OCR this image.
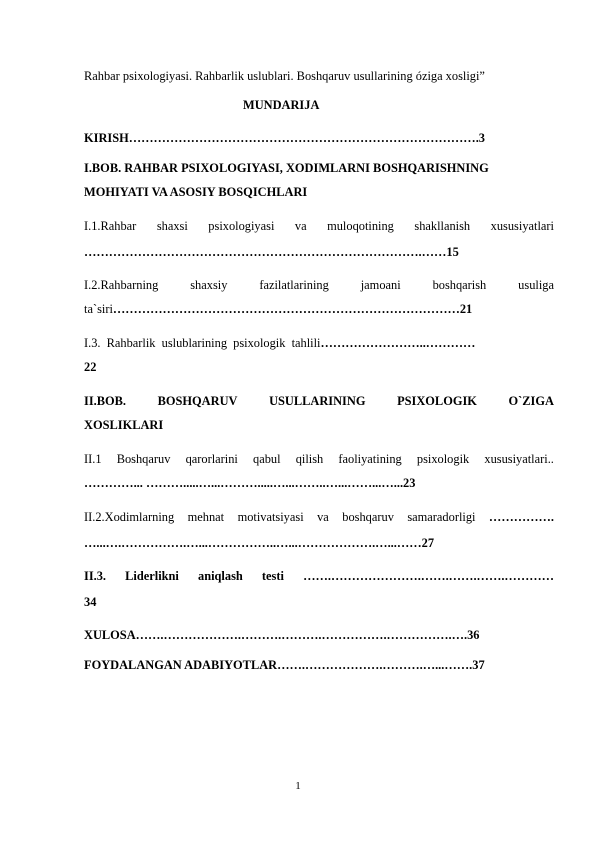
Rahbar psixologiyasi. Rahbarlik uslublari. Boshqaruv usullarining óziga xosligi”
MUNDARIJA
KIRISH………………………………………………………………………….3
I.BOB. RAHBAR PSIXOLOGIYASI, XODIMLARNI BOSHQARISHNING
MOHIYATI VA ASOSIY BOSQICHLARI
I.1.Rahbar shaxsi psixologiyasi va muloqotining shakllanish xususiyatlari
……………………………………………………………………….……15
I.2.Rahbarning	shaxsiy	fazilatlarining	jamoani	boshqarish	usuliga
ta`siri…………………………………………………………………………21
I.3. Rahbarlik uslublarining psixologik tahlili……………………..…………
22
II.BOB.	BOSHQARUV	USULLARINING	PSIXOLOGIK	O`ZIGA
XOSLIKLARI
II.1 Boshqaruv qarorlarini qabul qilish faoliyatining psixologik xususiyatlari..
…………... ……….....…...……….....…...……..…...……...…...23
II.2.Xodimlarning mehnat motivatsiyasi va boshqaruv samaradorligi …………….
…...….…………….…...……………..…...……………….…...……27
II.3. Liderlikni aniqlash testi …….………………….…….…….…….…………
34
XULOSA…….……………….……….……….…………….…………….….36
FOYDALANGAN ADABIYOTLAR…….……………….……….…...…….37
1
